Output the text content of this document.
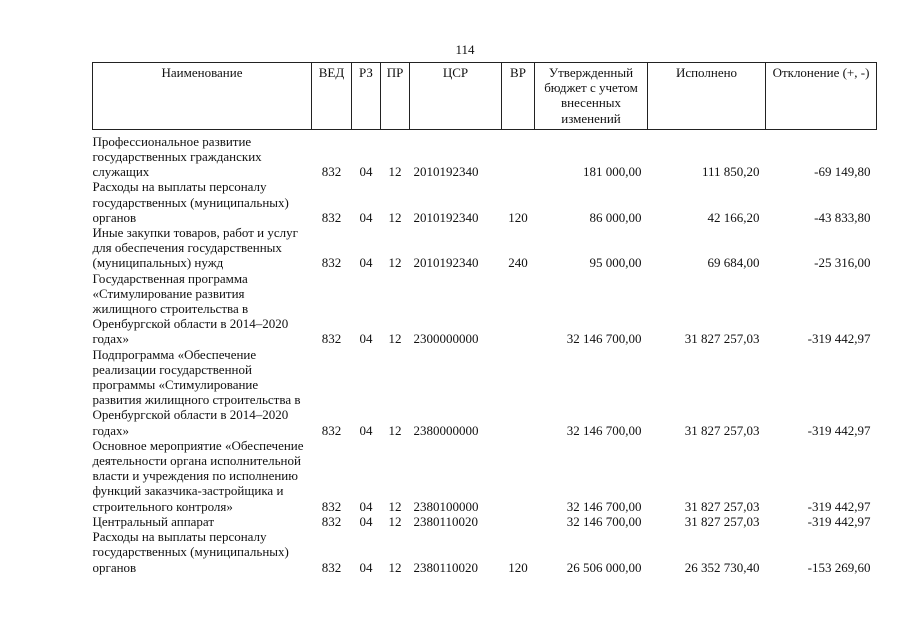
114
Наименование	ВЕД	РЗ	ПР	ЦСР	ВР	Утвержденный бюджет с учетом внесенных изменений	Исполнено	Отклонение (+, -)
Профессиональное развитие государственных гражданских служащих	832	04	12	2010192340		181 000,00	111 850,20	-69 149,80
Расходы на выплаты персоналу государственных (муниципальных) органов	832	04	12	2010192340	120	86 000,00	42 166,20	-43 833,80
Иные закупки товаров, работ и услуг для обеспечения государственных (муниципальных) нужд	832	04	12	2010192340	240	95 000,00	69 684,00	-25 316,00
Государственная программа «Стимулирование развития жилищного строительства в Оренбургской области в 2014–2020 годах»	832	04	12	2300000000		32 146 700,00	31 827 257,03	-319 442,97
Подпрограмма «Обеспечение реализации государственной программы «Стимулирование развития жилищного строительства в Оренбургской области в 2014–2020 годах»	832	04	12	2380000000		32 146 700,00	31 827 257,03	-319 442,97
Основное мероприятие «Обеспечение деятельности органа исполнительной власти и учреждения по исполнению функций заказчика-застройщика и строительного контроля»	832	04	12	2380100000		32 146 700,00	31 827 257,03	-319 442,97
Центральный аппарат	832	04	12	2380110020		32 146 700,00	31 827 257,03	-319 442,97
Расходы на выплаты персоналу государственных (муниципальных) органов	832	04	12	2380110020	120	26 506 000,00	26 352 730,40	-153 269,60
